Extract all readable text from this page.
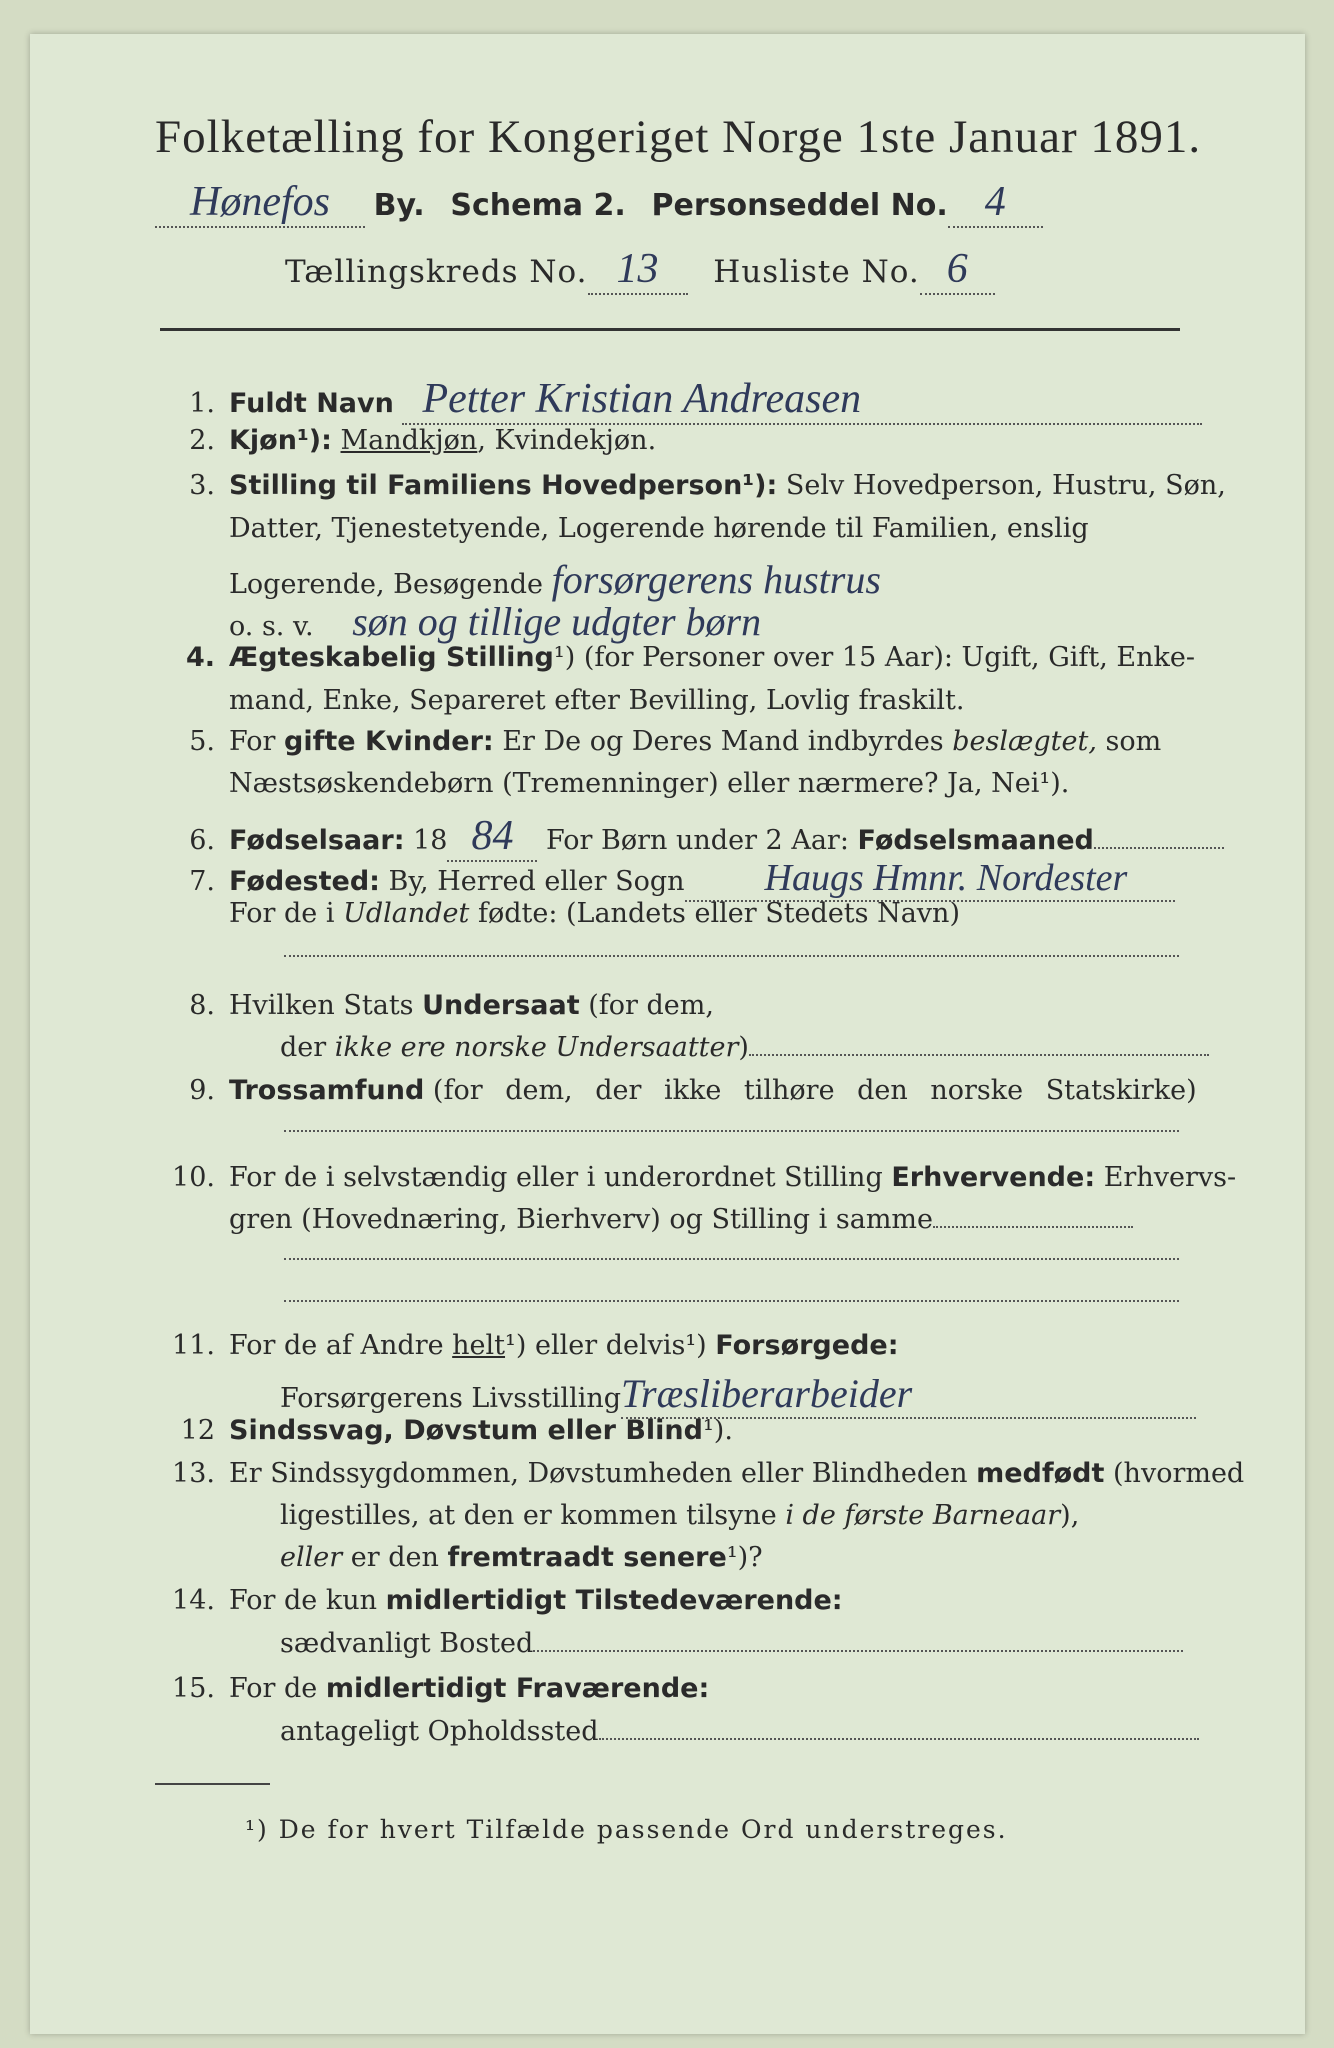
Folketælling for Kongeriget Norge 1ste Januar 1891.
Hønefos By. Schema 2. Personseddel No. 4
Tællingskreds No. 13 Husliste No. 6
1. Fuldt Navn Petter Kristian Andreasen
2. Kjøn¹): Mandkjøn, Kvindekjøn.
3. Stilling til Familiens Hovedperson¹): Selv Hovedperson, Hustru, Søn,
Datter, Tjenestetyende, Logerende hørende til Familien, enslig
Logerende, Besøgende forsørgerens hustrus
o. s. v. søn og tillige udgter børn
4. Ægteskabelig Stilling¹) (for Personer over 15 Aar): Ugift, Gift, Enke-
mand, Enke, Separeret efter Bevilling, Lovlig fraskilt.
5. For gifte Kvinder: Er De og Deres Mand indbyrdes beslægtet, som
Næstsøskendebørn (Tremenninger) eller nærmere? Ja, Nei¹).
6. Fødselsaar: 18 84 For Børn under 2 Aar: Fødselsmaaned
7. Fødested: By, Herred eller Sogn Haugs Hmnr. Nordester
For de i Udlandet fødte: (Landets eller Stedets Navn)
8. Hvilken Stats Undersaat (for dem,
der ikke ere norske Undersaatter)
9. Trossamfund (for dem, der ikke tilhøre den norske Statskirke)
10. For de i selvstændig eller i underordnet Stilling Erhvervende: Erhvervs-
gren (Hovednæring, Bierhverv) og Stilling i samme
11. For de af Andre helt¹) eller delvis¹) Forsørgede:
Forsørgerens LivsstillingTræsliberarbeider
12 Sindssvag, Døvstum eller Blind¹).
13. Er Sindssygdommen, Døvstumheden eller Blindheden medfødt (hvormed
ligestilles, at den er kommen tilsyne i de første Barneaar),
eller er den fremtraadt senere¹)?
14. For de kun midlertidigt Tilstedeværende:
sædvanligt Bosted
15. For de midlertidigt Fraværende:
antageligt Opholdssted
¹) De for hvert Tilfælde passende Ord understreges.
